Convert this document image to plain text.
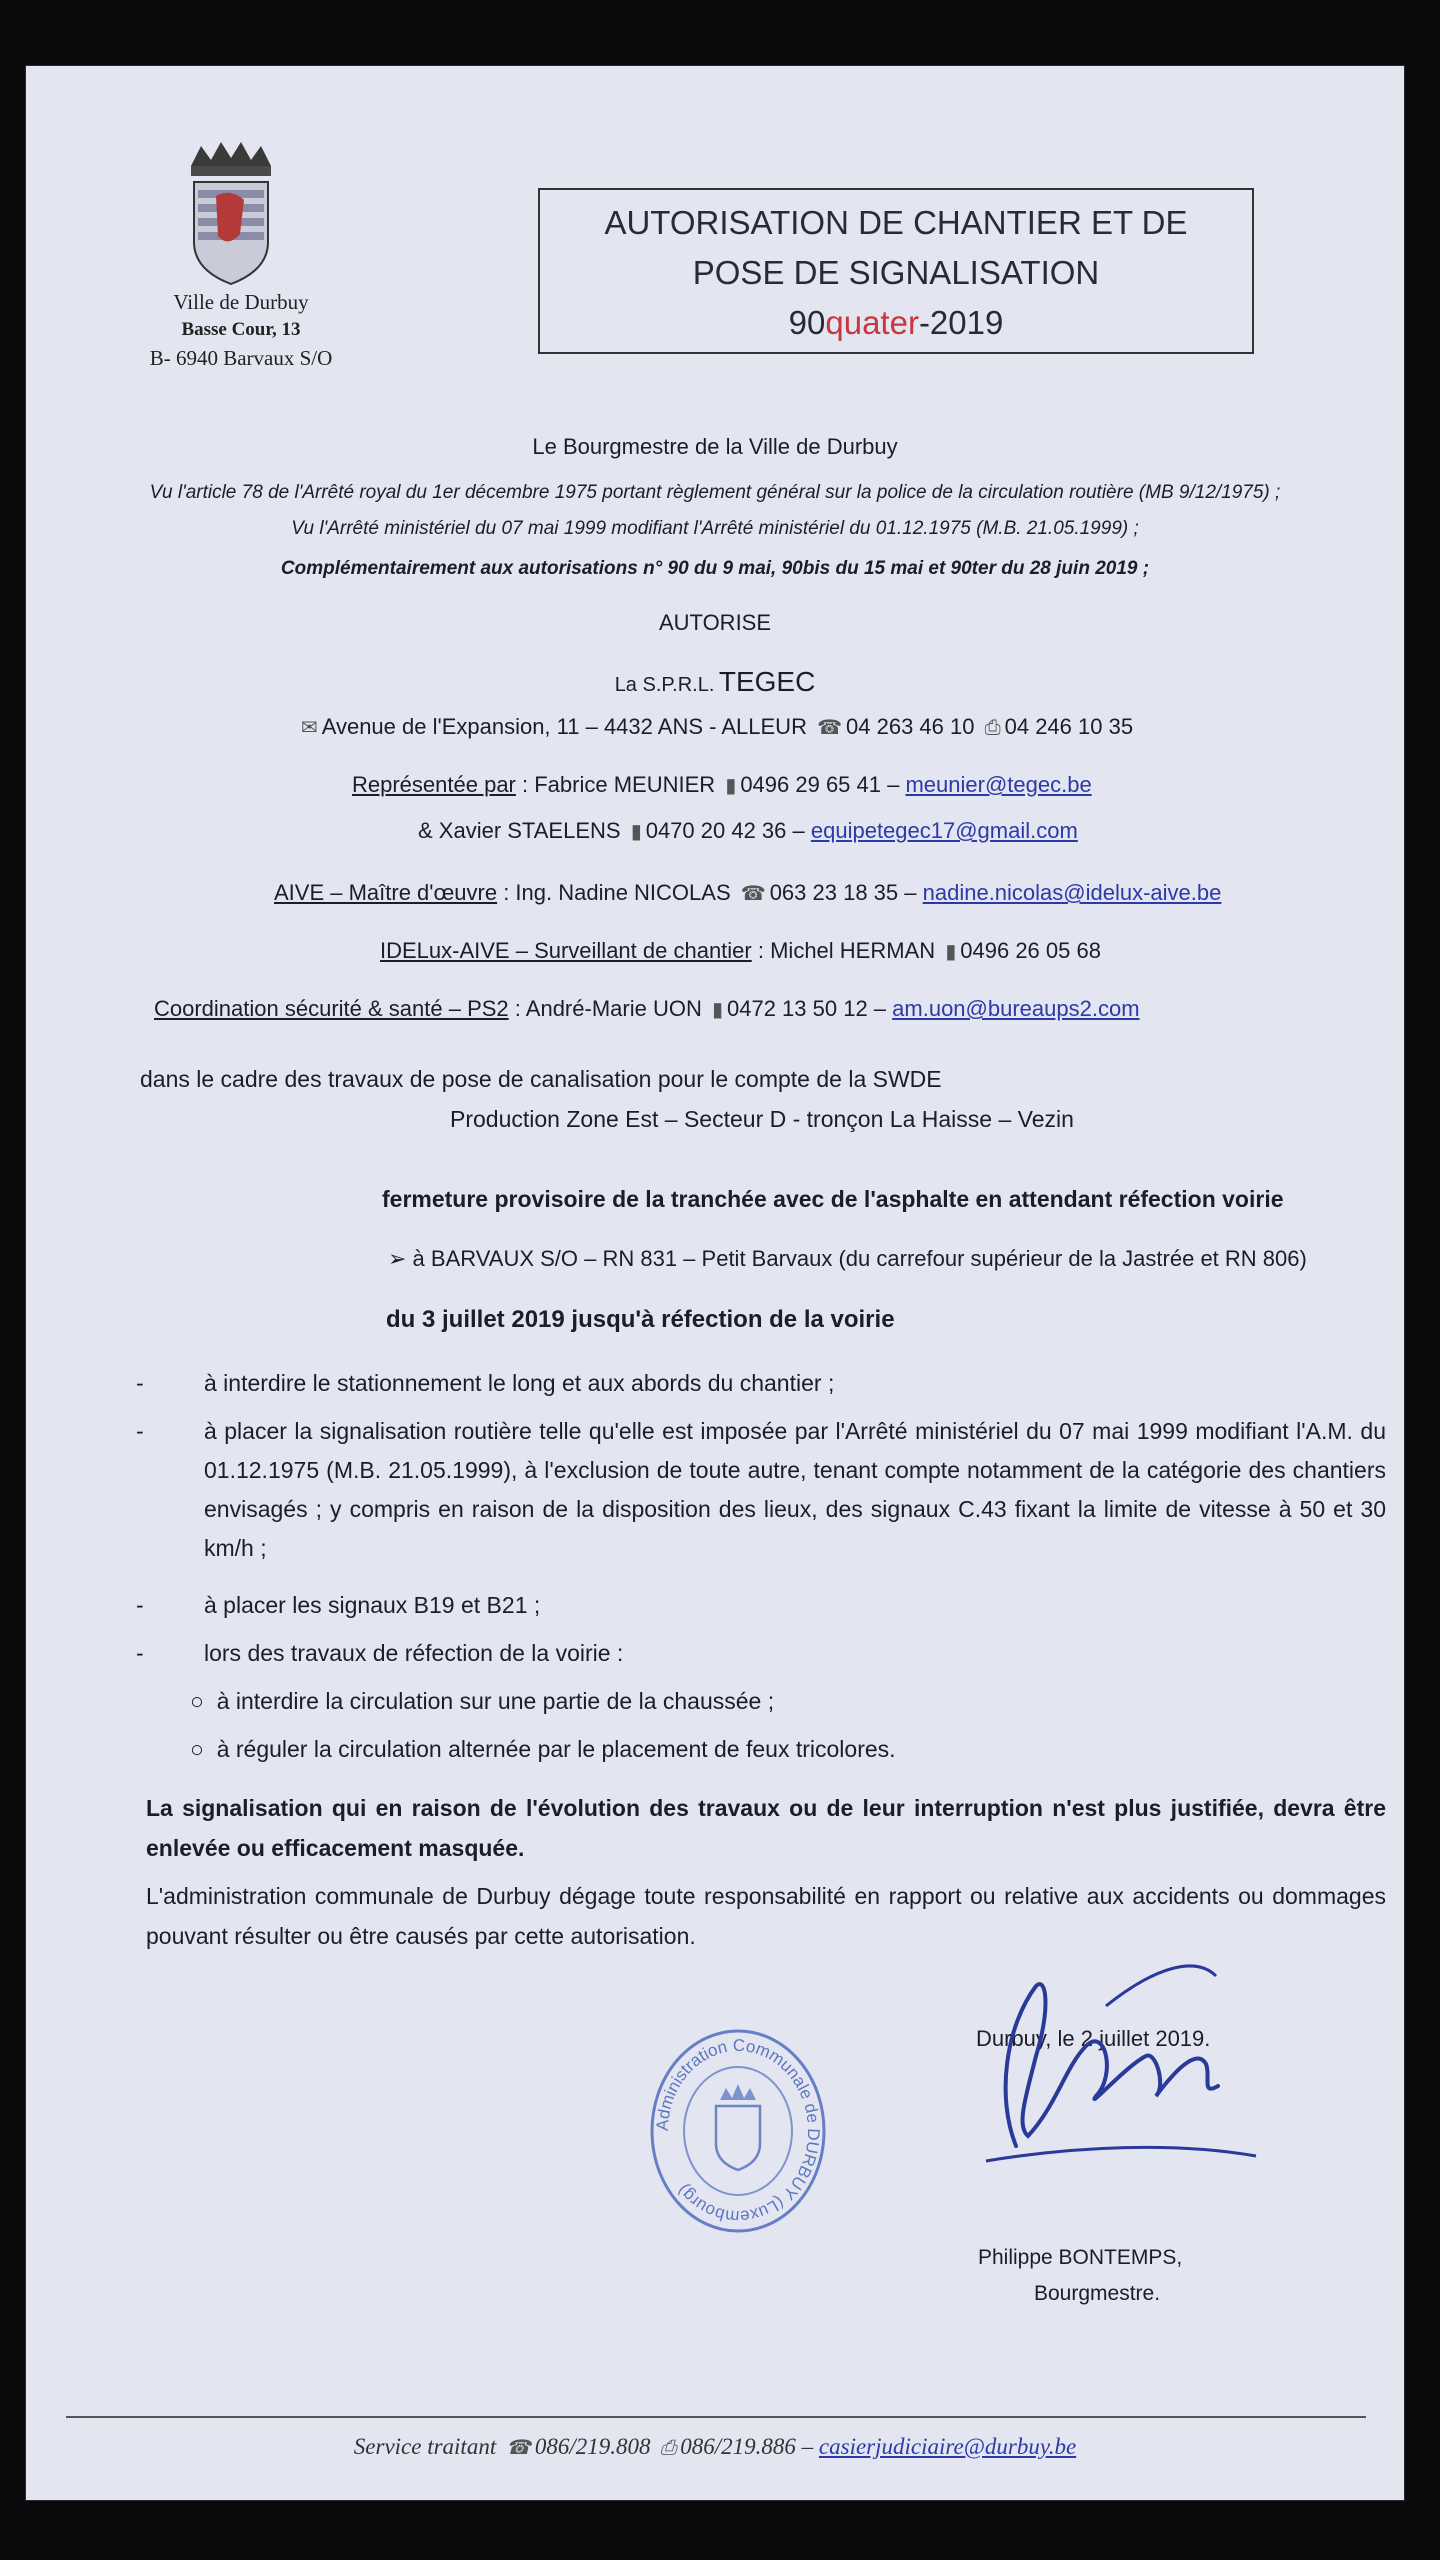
Ville de Durbuy
Basse Cour, 13
B- 6940 Barvaux S/O
AUTORISATION DE CHANTIER ET DE
POSE DE SIGNALISATION
90quater-2019
Le Bourgmestre de la Ville de Durbuy
Vu l'article 78 de l'Arrêté royal du 1er décembre 1975 portant règlement général sur la police de la circulation routière (MB 9/12/1975) ;
Vu l'Arrêté ministériel du 07 mai 1999 modifiant l'Arrêté ministériel du 01.12.1975 (M.B. 21.05.1999) ;
Complémentairement aux autorisations n° 90 du 9 mai, 90bis du 15 mai et 90ter du 28 juin 2019 ;
AUTORISE
La S.P.R.L. TEGEC
✉ Avenue de l'Expansion, 11 – 4432 ANS - ALLEUR ☎ 04 263 46 10 ⎙ 04 246 10 35
Représentée par : Fabrice MEUNIER ▮ 0496 29 65 41 – meunier@tegec.be
& Xavier STAELENS ▮ 0470 20 42 36 – equipetegec17@gmail.com
AIVE – Maître d'œuvre : Ing. Nadine NICOLAS ☎ 063 23 18 35 – nadine.nicolas@idelux-aive.be
IDELux-AIVE – Surveillant de chantier : Michel HERMAN ▮ 0496 26 05 68
Coordination sécurité & santé – PS2 : André-Marie UON ▮ 0472 13 50 12 – am.uon@bureaups2.com
dans le cadre des travaux de pose de canalisation pour le compte de la SWDE
Production Zone Est – Secteur D - tronçon La Haisse – Vezin
fermeture provisoire de la tranchée avec de l'asphalte en attendant réfection voirie
➢ à BARVAUX S/O – RN 831 – Petit Barvaux (du carrefour supérieur de la Jastrée et RN 806)
du 3 juillet 2019 jusqu'à réfection de la voirie
-	à interdire le stationnement le long et aux abords du chantier ;
-	à placer la signalisation routière telle qu'elle est imposée par l'Arrêté ministériel du 07 mai 1999 modifiant l'A.M. du 01.12.1975 (M.B. 21.05.1999), à l'exclusion de toute autre, tenant compte notamment de la catégorie des chantiers envisagés ; y compris en raison de la disposition des lieux, des signaux C.43 fixant la limite de vitesse à 50 et 30 km/h ;
-	à placer les signaux B19 et B21 ;
-	lors des travaux de réfection de la voirie :
○  à interdire la circulation sur une partie de la chaussée ;
○  à réguler la circulation alternée par le placement de feux tricolores.
La signalisation qui en raison de l'évolution des travaux ou de leur interruption n'est plus justifiée, devra être enlevée ou efficacement masquée.
L'administration communale de Durbuy dégage toute responsabilité en rapport ou relative aux accidents ou dommages pouvant résulter ou être causés par cette autorisation.
Durbuy, le 2 juillet 2019.
Administration Communale de DURBUY (Luxembourg)
Philippe BONTEMPS,
Bourgmestre.
Service traitant ☎ 086/219.808 ⎙ 086/219.886 – casierjudiciaire@durbuy.be
